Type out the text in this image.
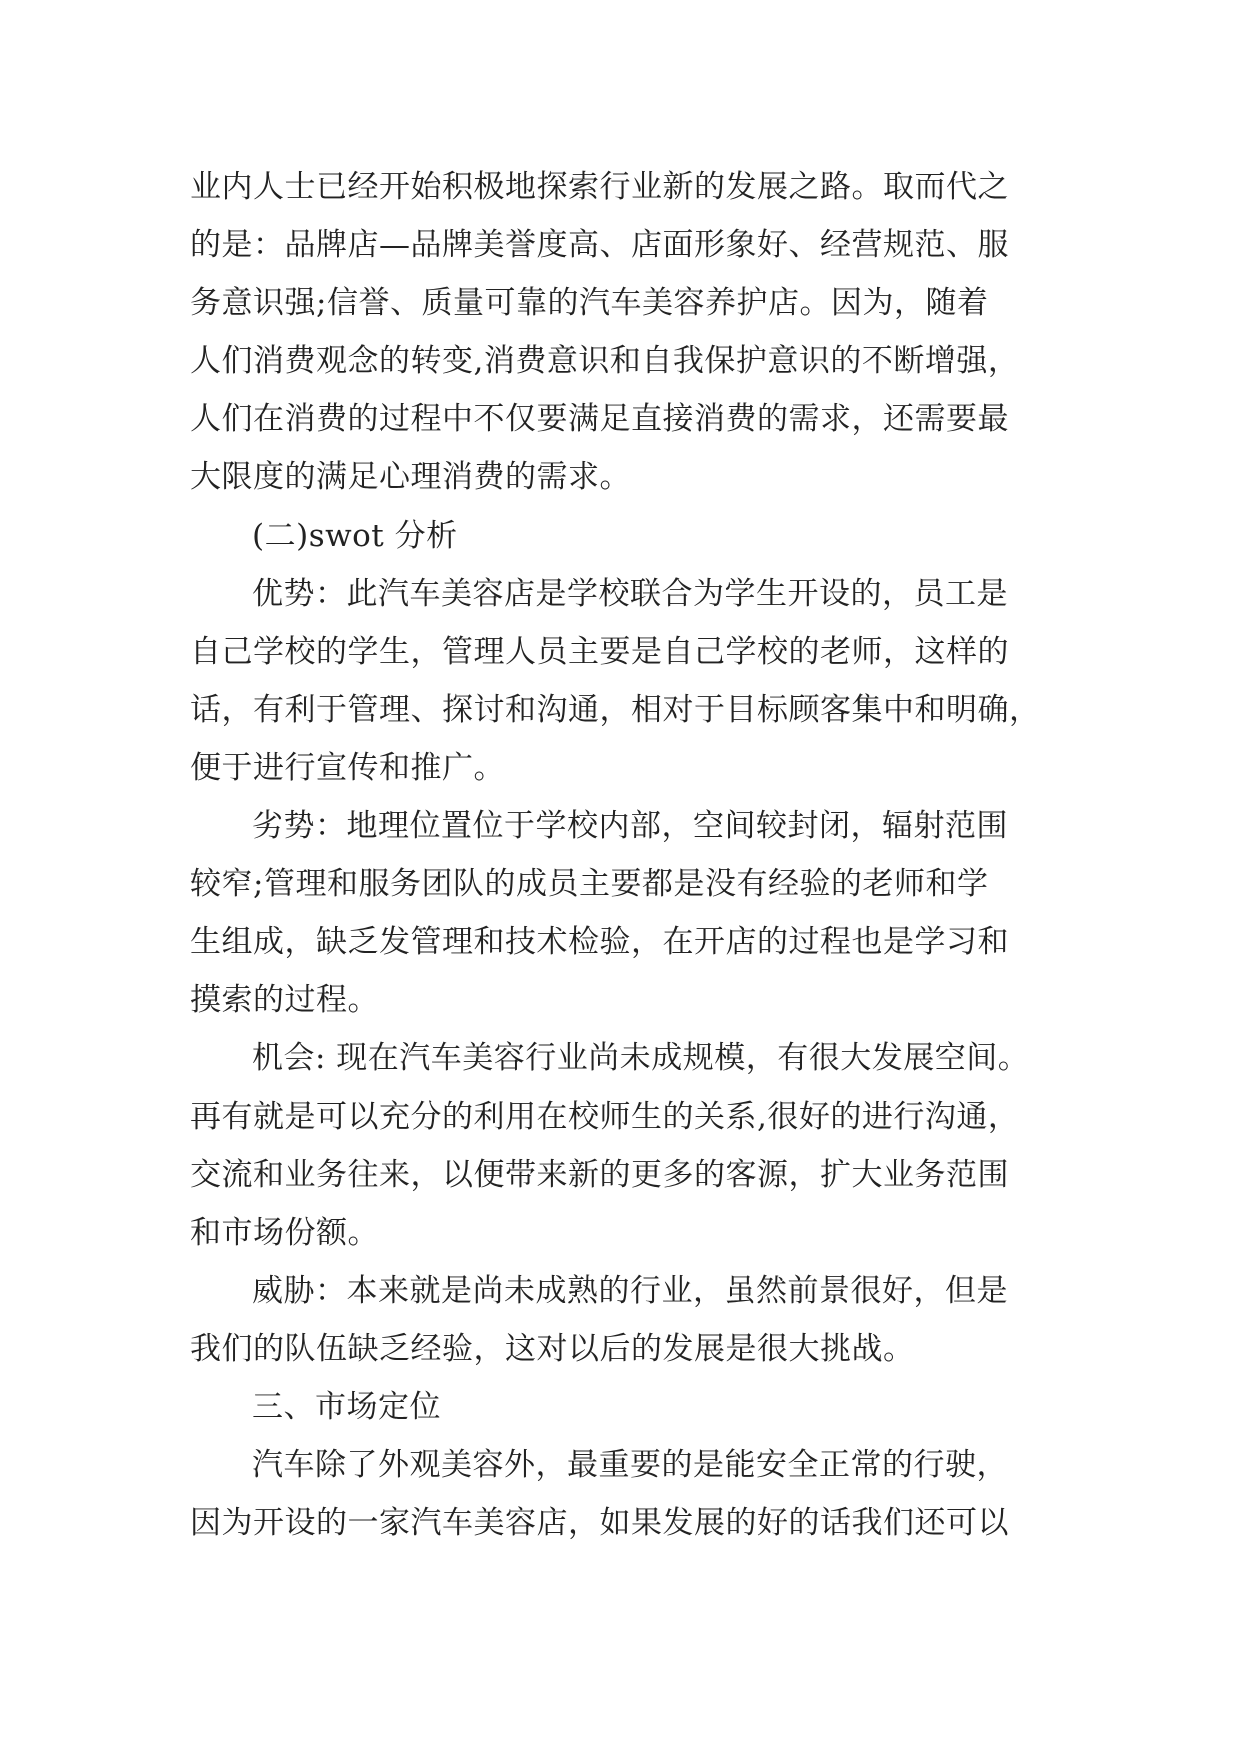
业内人士已经开始积极地探索行业新的发展之路。取而代之
的是：品牌店—品牌美誉度高、店面形象好、经营规范、服
务意识强;信誉、质量可靠的汽车美容养护店。因为，随着
人们消费观念的转变,消费意识和自我保护意识的不断增强，
人们在消费的过程中不仅要满足直接消费的需求，还需要最
大限度的满足心理消费的需求。

(二)swot 分析

优势：此汽车美容店是学校联合为学生开设的，员工是
自己学校的学生，管理人员主要是自己学校的老师，这样的
话，有利于管理、探讨和沟通，相对于目标顾客集中和明确，
便于进行宣传和推广。

劣势：地理位置位于学校内部，空间较封闭，辐射范围
较窄;管理和服务团队的成员主要都是没有经验的老师和学
生组成，缺乏发管理和技术检验，在开店的过程也是学习和
摸索的过程。

机会: 现在汽车美容行业尚未成规模，有很大发展空间。
再有就是可以充分的利用在校师生的关系,很好的进行沟通，
交流和业务往来，以便带来新的更多的客源，扩大业务范围
和市场份额。

威胁：本来就是尚未成熟的行业，虽然前景很好，但是
我们的队伍缺乏经验，这对以后的发展是很大挑战。

三、市场定位

汽车除了外观美容外，最重要的是能安全正常的行驶，
因为开设的一家汽车美容店，如果发展的好的话我们还可以
